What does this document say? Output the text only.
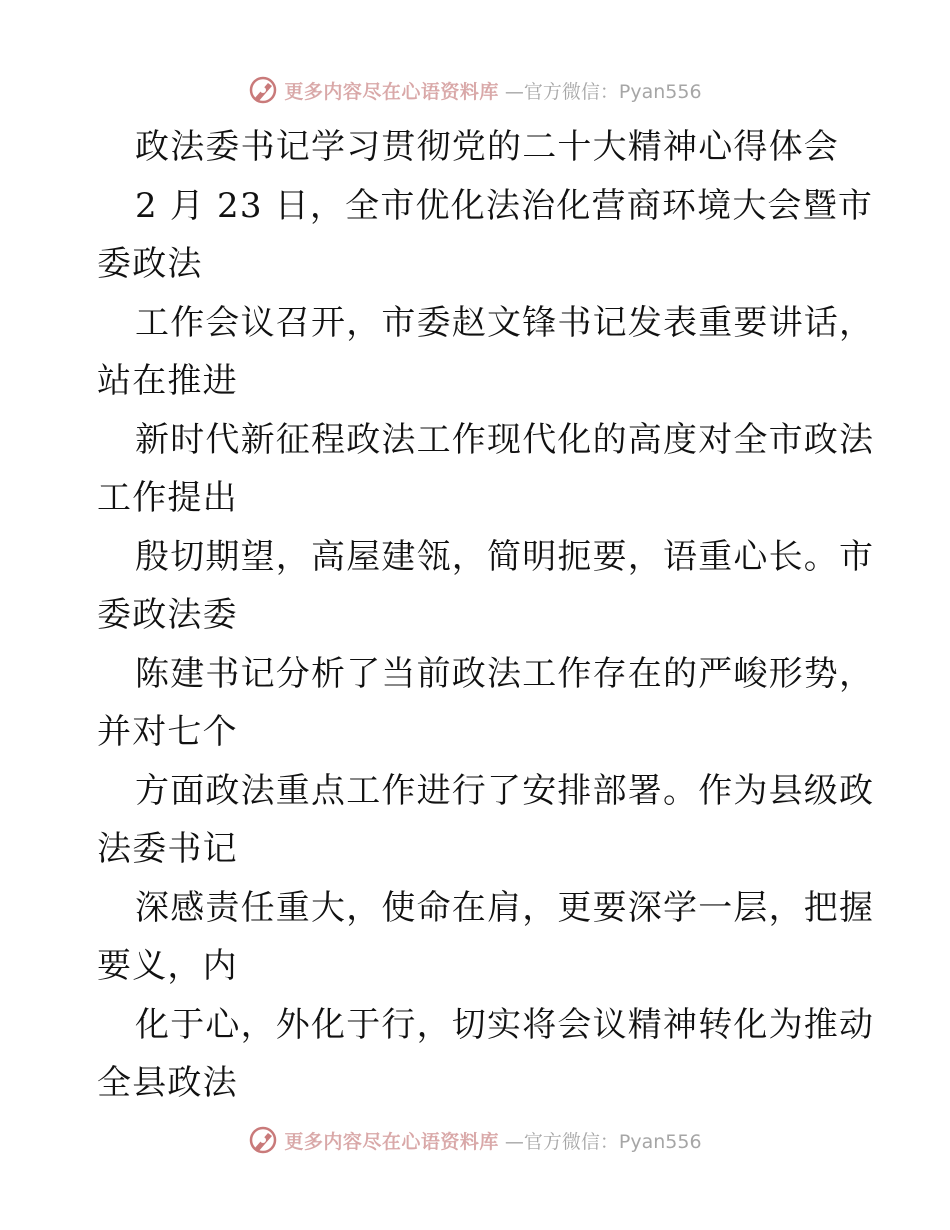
更多内容尽在心语资料库 —官方微信：Pyan556
政法委书记学习贯彻党的二十大精神心得体会
2 月 23 日，全市优化法治化营商环境大会暨市
委政法
工作会议召开，市委赵文锋书记发表重要讲话，
站在推进
新时代新征程政法工作现代化的高度对全市政法
工作提出
殷切期望，高屋建瓴，简明扼要，语重心长。市
委政法委
陈建书记分析了当前政法工作存在的严峻形势，
并对七个
方面政法重点工作进行了安排部署。作为县级政
法委书记
深感责任重大，使命在肩，更要深学一层，把握
要义，内
化于心，外化于行，切实将会议精神转化为推动
全县政法
更多内容尽在心语资料库 —官方微信：Pyan556
